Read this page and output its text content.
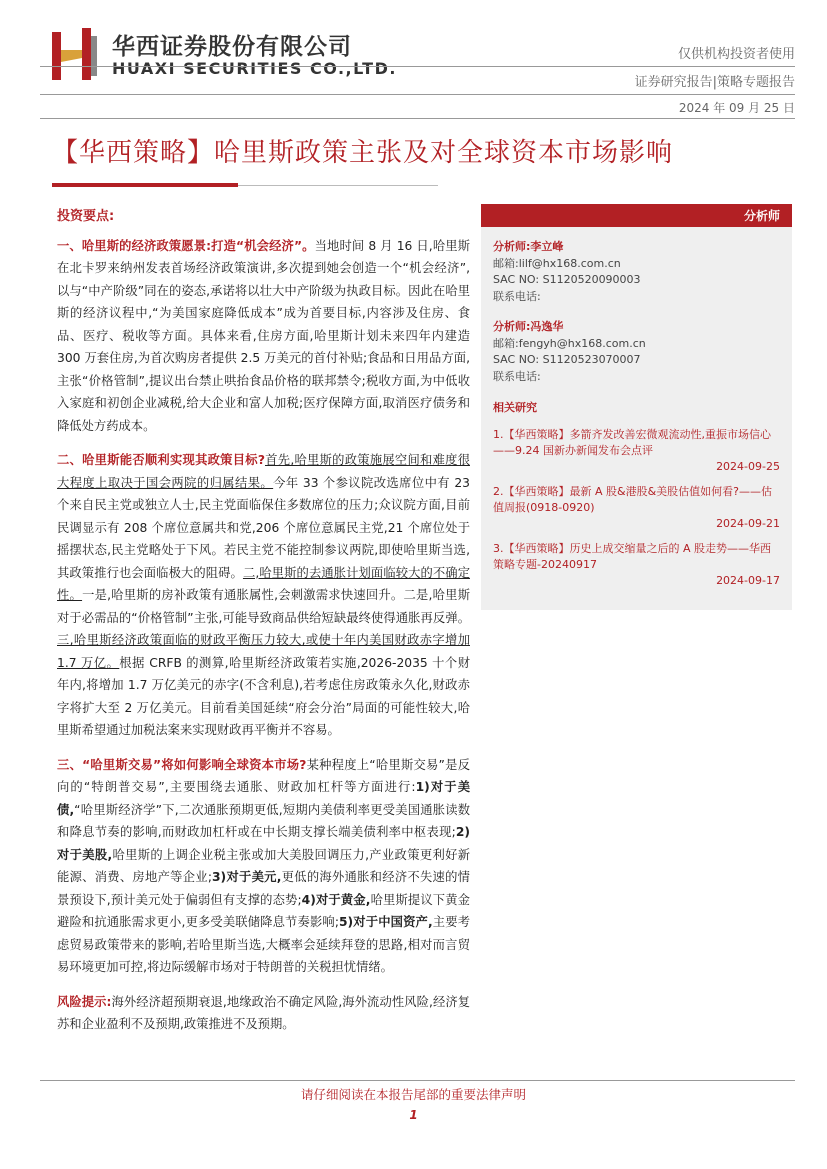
华西证券股份有限公司
HUAXI SECURITIES CO.,LTD.
仅供机构投资者使用
证券研究报告|策略专题报告
2024 年 09 月 25 日
【华西策略】哈里斯政策主张及对全球资本市场影响
投资要点:

一、哈里斯的经济政策愿景:打造“机会经济”。当地时间 8 月 16 日,哈里斯在北卡罗来纳州发表首场经济政策演讲,多次提到她会创造一个“机会经济”,以与“中产阶级”同在的姿态,承诺将以壮大中产阶级为执政目标。因此在哈里斯的经济议程中,“为美国家庭降低成本”成为首要目标,内容涉及住房、食品、医疗、税收等方面。具体来看,住房方面,哈里斯计划未来四年内建造 300 万套住房,为首次购房者提供 2.5 万美元的首付补贴;食品和日用品方面,主张“价格管制”,提议出台禁止哄抬食品价格的联邦禁令;税收方面,为中低收入家庭和初创企业减税,给大企业和富人加税;医疗保障方面,取消医疗债务和降低处方药成本。

二、哈里斯能否顺利实现其政策目标?首先,哈里斯的政策施展空间和难度很大程度上取决于国会两院的归属结果。今年 33 个参议院改选席位中有 23 个来自民主党或独立人士,民主党面临保住多数席位的压力;众议院方面,目前民调显示有 208 个席位意属共和党,206 个席位意属民主党,21 个席位处于摇摆状态,民主党略处于下风。若民主党不能控制参议两院,即使哈里斯当选,其政策推行也会面临极大的阻碍。二,哈里斯的去通胀计划面临较大的不确定性。一是,哈里斯的房补政策有通胀属性,会刺激需求快速回升。二是,哈里斯对于必需品的“价格管制”主张,可能导致商品供给短缺最终使得通胀再反弹。三,哈里斯经济政策面临的财政平衡压力较大,或使十年内美国财政赤字增加 1.7 万亿。根据 CRFB 的测算,哈里斯经济政策若实施,2026-2035 十个财年内,将增加 1.7 万亿美元的赤字(不含利息),若考虑住房政策永久化,财政赤字将扩大至 2 万亿美元。目前看美国延续“府会分治”局面的可能性较大,哈里斯希望通过加税法案来实现财政再平衡并不容易。

三、“哈里斯交易”将如何影响全球资本市场?某种程度上“哈里斯交易”是反向的“特朗普交易”,主要围绕去通胀、财政加杠杆等方面进行:1)对于美债,“哈里斯经济学”下,二次通胀预期更低,短期内美债利率更受美国通胀读数和降息节奏的影响,而财政加杠杆或在中长期支撑长端美债利率中枢表现;2)对于美股,哈里斯的上调企业税主张或加大美股回调压力,产业政策更利好新能源、消费、房地产等企业;3)对于美元,更低的海外通胀和经济不失速的情景预设下,预计美元处于偏弱但有支撑的态势;4)对于黄金,哈里斯提议下黄金避险和抗通胀需求更小,更多受美联储降息节奏影响;5)对于中国资产,主要考虑贸易政策带来的影响,若哈里斯当选,大概率会延续拜登的思路,相对而言贸易环境更加可控,将边际缓解市场对于特朗普的关税担忧情绪。

风险提示:海外经济超预期衰退,地缘政治不确定风险,海外流动性风险,经济复苏和企业盈利不及预期,政策推进不及预期。

分析师
分析师:李立峰
邮箱:lilf@hx168.com.cn
SAC NO: S1120520090003
联系电话:
分析师:冯逸华
邮箱:fengyh@hx168.com.cn
SAC NO: S1120523070007
联系电话:
相关研究
1.【华西策略】多箭齐发改善宏微观流动性,重振市场信心——9.24 国新办新闻发布会点评
2024-09-25
2.【华西策略】最新 A 股&港股&美股估值如何看?——估值周报(0918-0920)
2024-09-21
3.【华西策略】历史上成交缩量之后的 A 股走势——华西策略专题-20240917
2024-09-17
请仔细阅读在本报告尾部的重要法律声明
1
